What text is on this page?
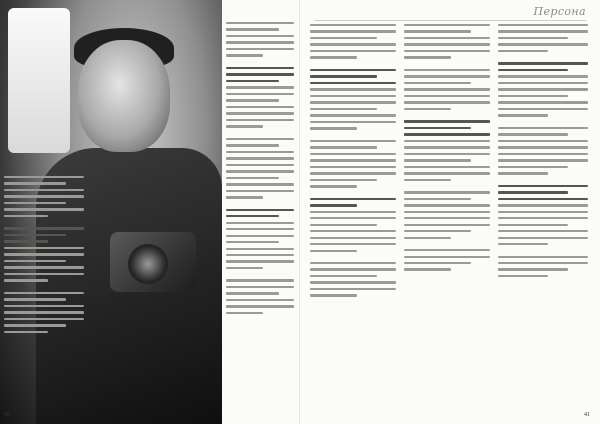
40
Персона
41
